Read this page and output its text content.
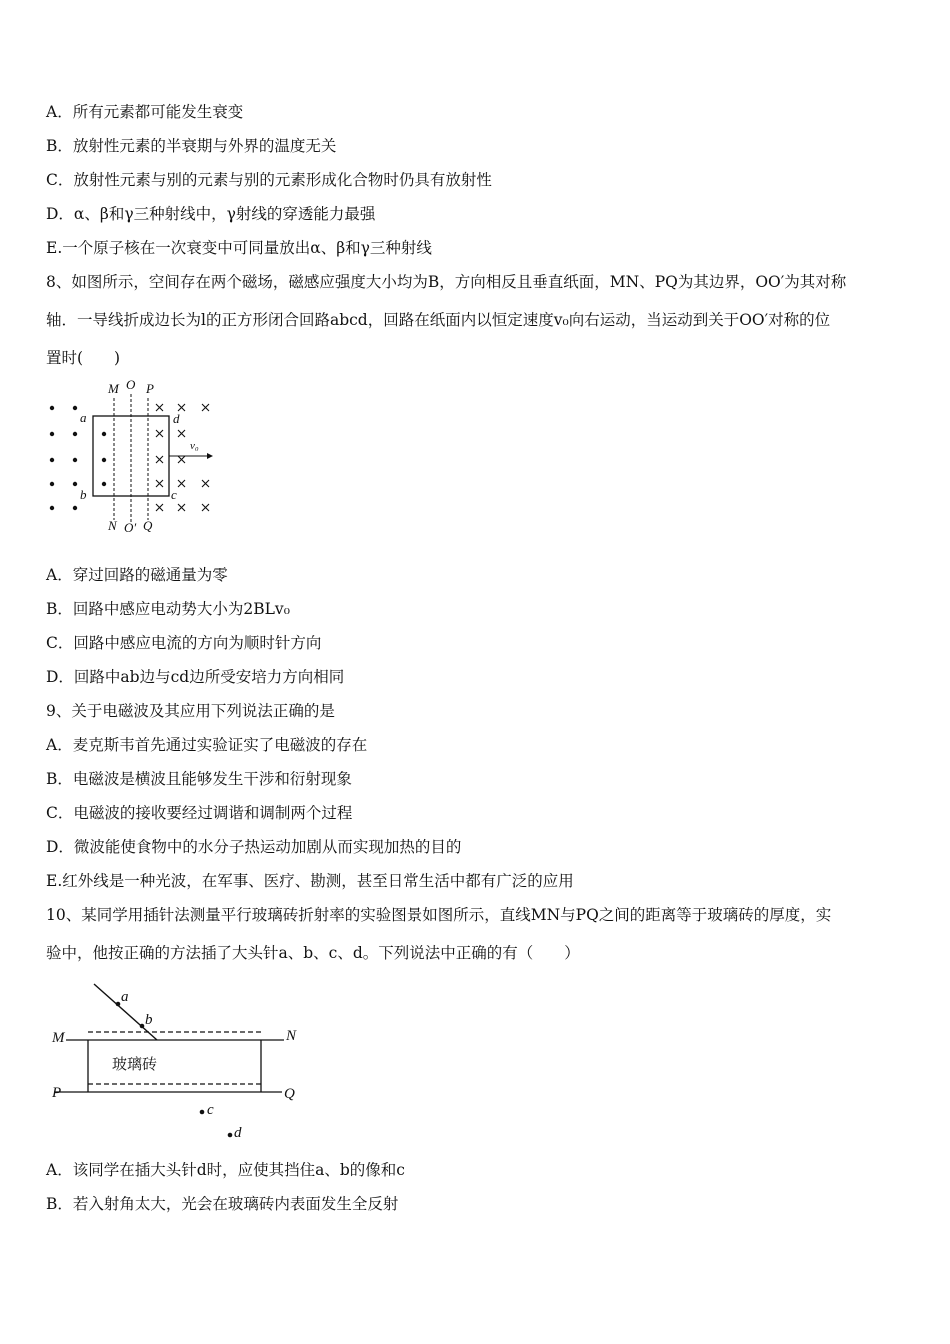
A．所有元素都可能发生衰变
B．放射性元素的半衰期与外界的温度无关
C．放射性元素与别的元素与别的元素形成化合物时仍具有放射性
D．α、β和γ三种射线中，γ射线的穿透能力最强
E.一个原子核在一次衰变中可同量放出α、β和γ三种射线
8、如图所示，空间存在两个磁场，磁感应强度大小均为B，方向相反且垂直纸面，MN、PQ为其边界，OO′为其对称
轴．一导线折成边长为l的正方形闭合回路abcd，回路在纸面内以恒定速度v₀向右运动，当运动到关于OO′对称的位
置时(　　)
M O P
N O′ Q
a
b	c
d
v₀
A．穿过回路的磁通量为零
B．回路中感应电动势大小为2BLv₀
C．回路中感应电流的方向为顺时针方向
D．回路中ab边与cd边所受安培力方向相同
9、关于电磁波及其应用下列说法正确的是
A．麦克斯韦首先通过实验证实了电磁波的存在
B．电磁波是横波且能够发生干涉和衍射现象
C．电磁波的接收要经过调谐和调制两个过程
D．微波能使食物中的水分子热运动加剧从而实现加热的目的
E.红外线是一种光波，在军事、医疗、勘测，甚至日常生活中都有广泛的应用
10、某同学用插针法测量平行玻璃砖折射率的实验图景如图所示，直线MN与PQ之间的距离等于玻璃砖的厚度，实
验中，他按正确的方法插了大头针a、b、c、d。下列说法中正确的有（　　）
M	N
P	Q
a
b
c
d
玻璃砖
A．该同学在插大头针d时，应使其挡住a、b的像和c
B．若入射角太大，光会在玻璃砖内表面发生全反射
